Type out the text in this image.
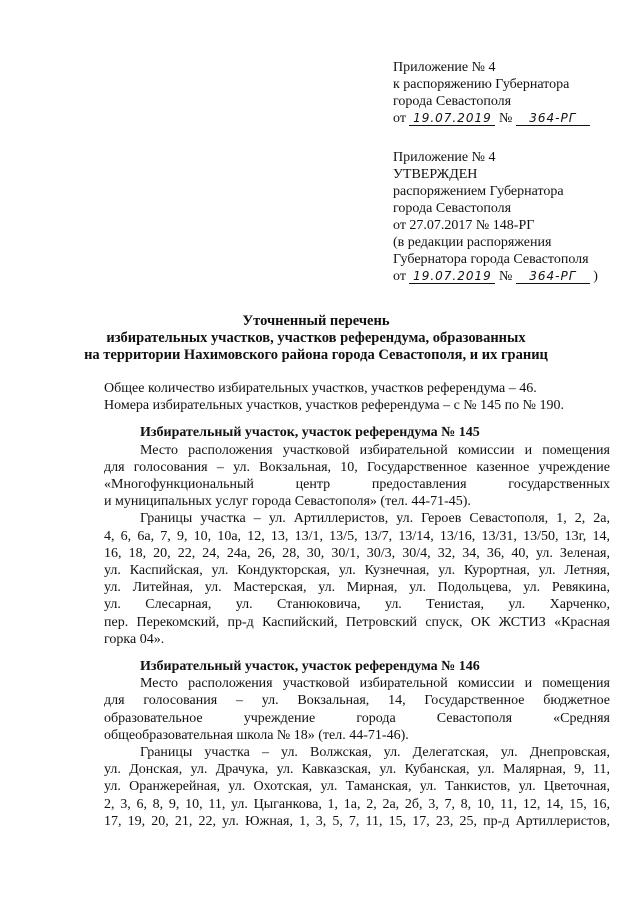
Приложение № 4
к распоряжению Губернатора
города Севастополя
от 19.07.2019 № 364-РГ
Приложение № 4
УТВЕРЖДЕН
распоряжением Губернатора
города Севастополя
от 27.07.2017 № 148-РГ
(в редакции распоряжения
Губернатора города Севастополя
от 19.07.2019 № 364-РГ )
Уточненный перечень
избирательных участков, участков референдума, образованных
на территории Нахимовского района города Севастополя, и их границ
Общее количество избирательных участков, участков референдума – 46.
Номера избирательных участков, участков референдума – с № 145 по № 190.
Избирательный участок, участок референдума № 145
Место расположения участковой избирательной комиссии и помещения
для голосования – ул. Вокзальная, 10, Государственное казенное учреждение
«Многофункциональный центр предоставления государственных
и муниципальных услуг города Севастополя» (тел. 44-71-45).
Границы участка – ул. Артиллеристов, ул. Героев Севастополя, 1, 2, 2а,
4, 6, 6а, 7, 9, 10, 10а, 12, 13, 13/1, 13/5, 13/7, 13/14, 13/16, 13/31, 13/50, 13г, 14,
16, 18, 20, 22, 24, 24а, 26, 28, 30, 30/1, 30/3, 30/4, 32, 34, 36, 40, ул. Зеленая,
ул. Каспийская, ул. Кондукторская, ул. Кузнечная, ул. Курортная, ул. Летняя,
ул. Литейная, ул. Мастерская, ул. Мирная, ул. Подольцева, ул. Ревякина,
ул. Слесарная, ул. Станюковича, ул. Тенистая, ул. Харченко,
пер. Перекомский, пр-д Каспийский, Петровский спуск, ОК ЖСТИЗ «Красная
горка 04».
Избирательный участок, участок референдума № 146
Место расположения участковой избирательной комиссии и помещения
для голосования – ул. Вокзальная, 14, Государственное бюджетное
образовательное учреждение города Севастополя «Средняя
общеобразовательная школа № 18» (тел. 44-71-46).
Границы участка – ул. Волжская, ул. Делегатская, ул. Днепровская,
ул. Донская, ул. Драчука, ул. Кавказская, ул. Кубанская, ул. Малярная, 9, 11,
ул. Оранжерейная, ул. Охотская, ул. Таманская, ул. Танкистов, ул. Цветочная,
2, 3, 6, 8, 9, 10, 11, ул. Цыганкова, 1, 1а, 2, 2а, 2б, 3, 7, 8, 10, 11, 12, 14, 15, 16,
17, 19, 20, 21, 22, ул. Южная, 1, 3, 5, 7, 11, 15, 17, 23, 25, пр-д Артиллеристов,
